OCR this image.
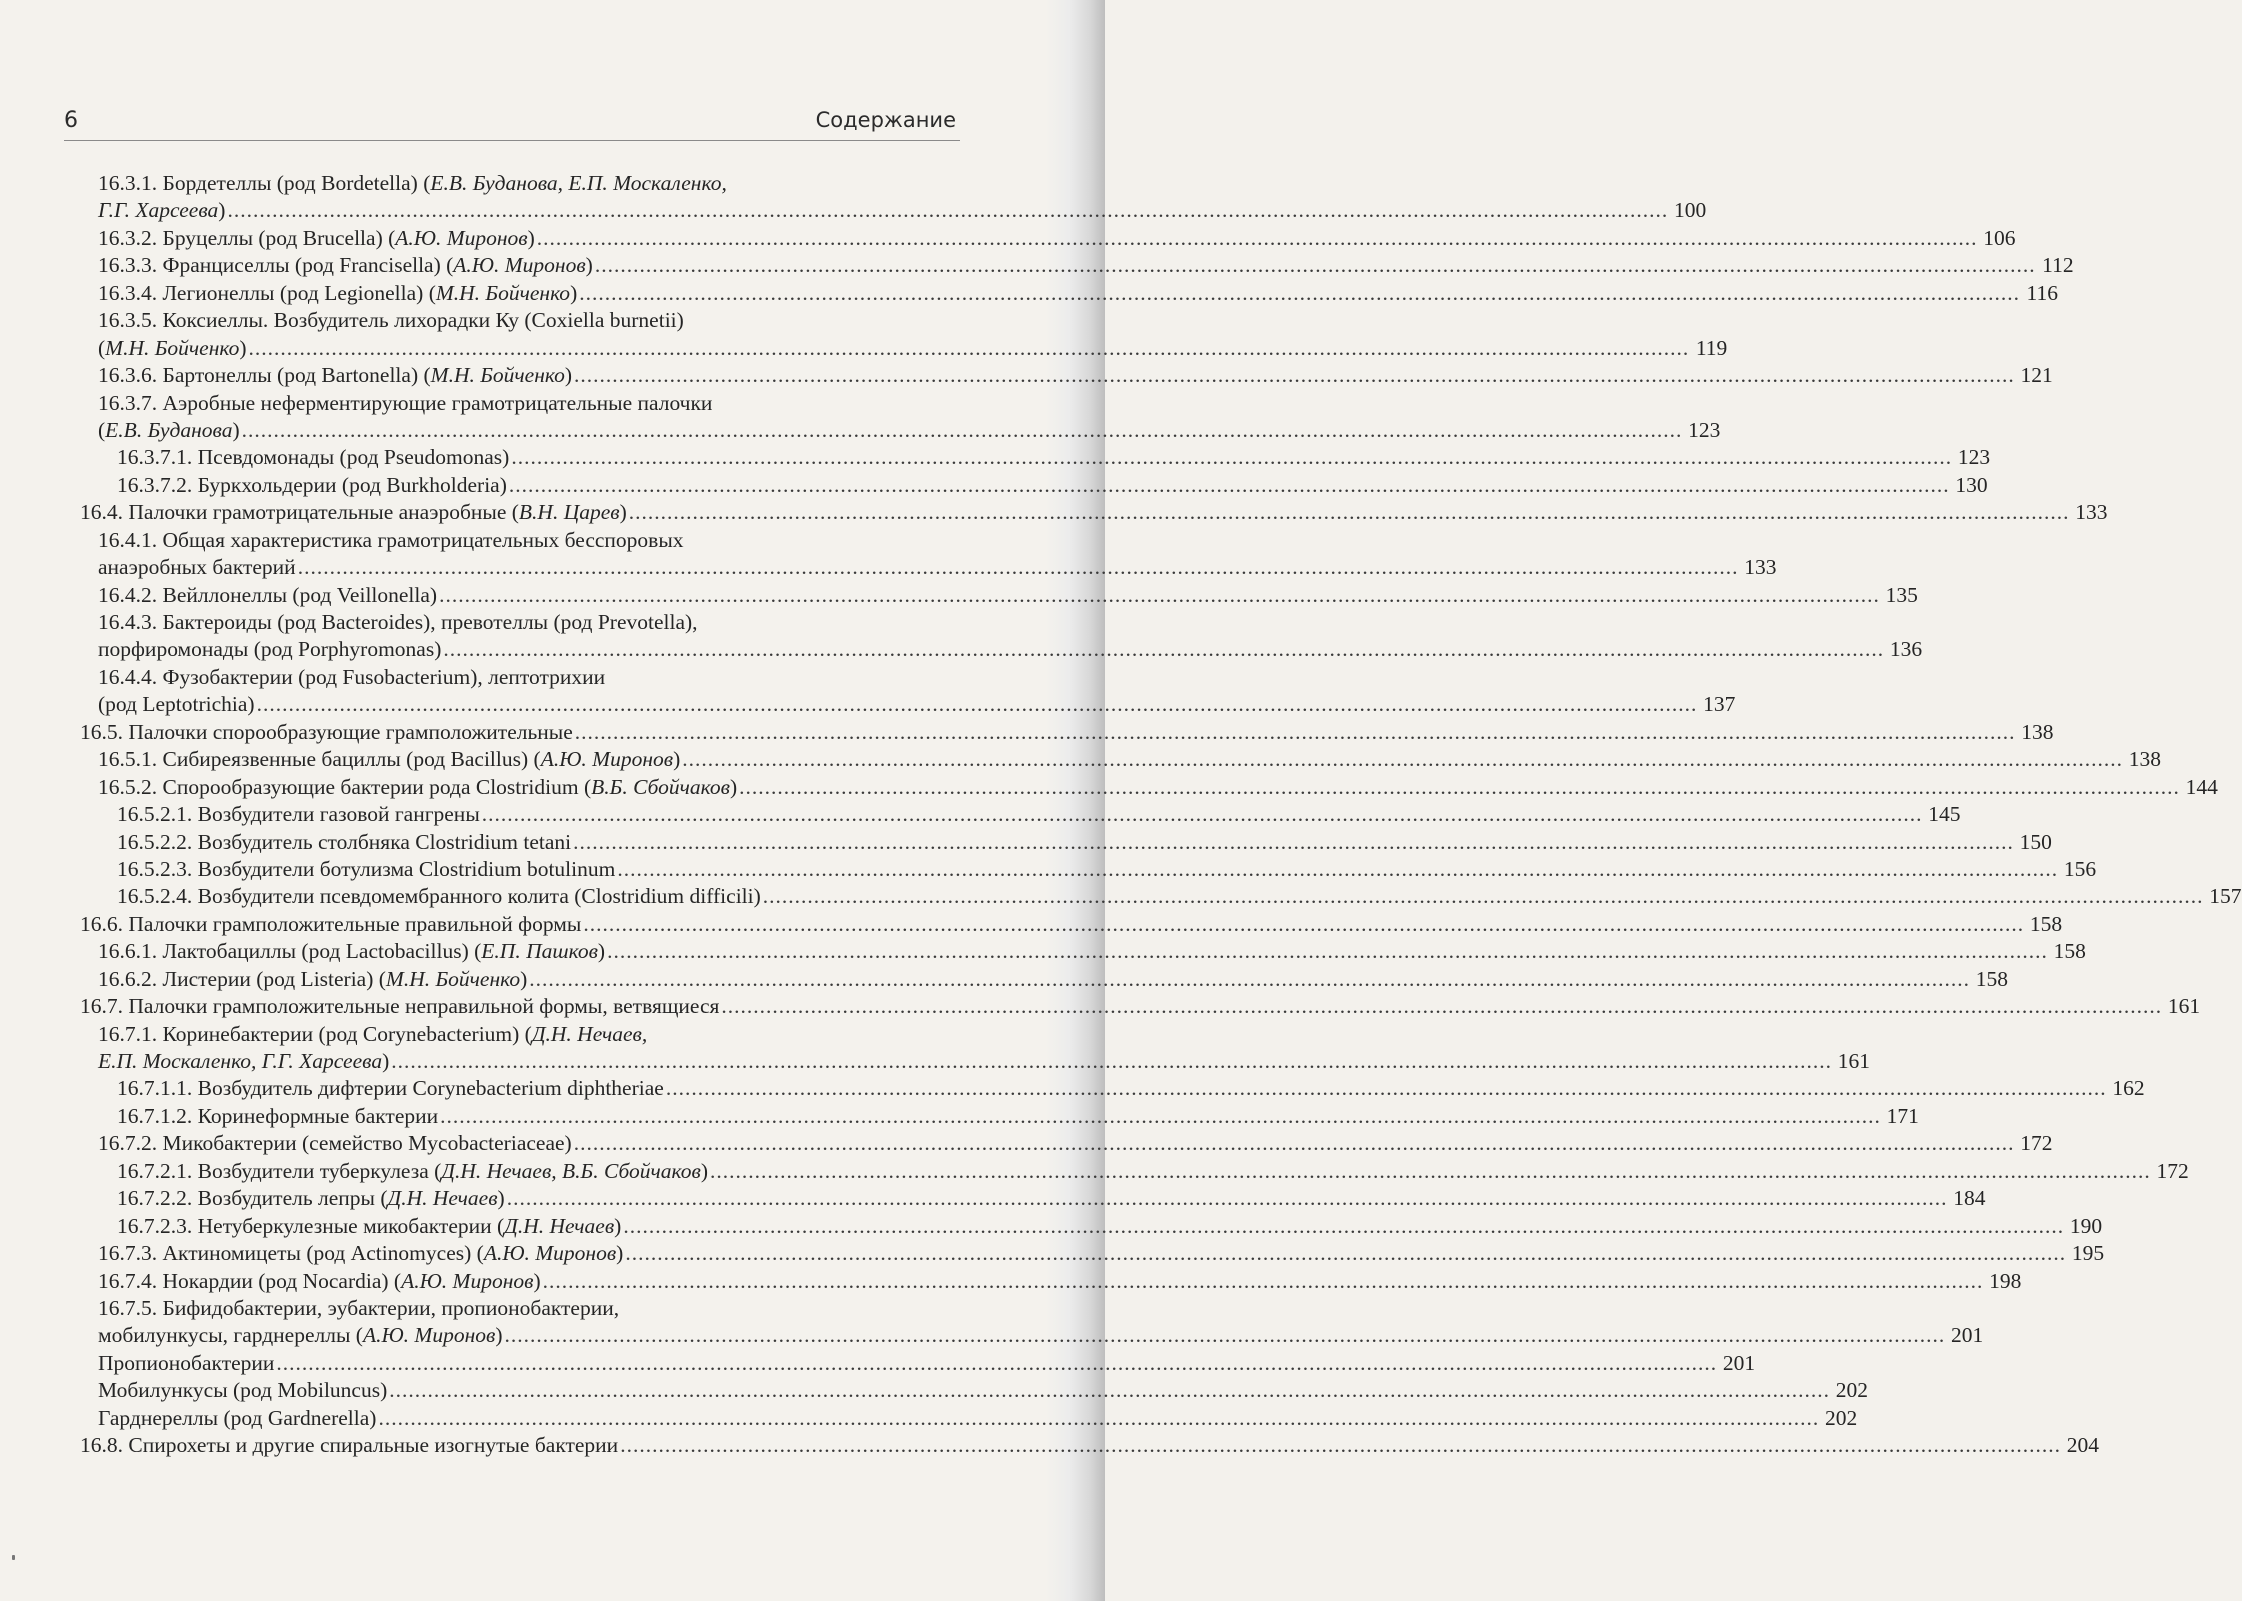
6	Содержание
16.3.1. Бордетеллы (род Bordetella) (Е.В. Буданова, Е.П. Москаленко,
Г.Г. Харсеева) .....	100
16.3.2. Бруцеллы (род Brucella) (А.Ю. Миронов) .....	106
16.3.3. Франциселлы (род Francisella) (А.Ю. Миронов) .....	112
16.3.4. Легионеллы (род Legionella) (М.Н. Бойченко) .....	116
16.3.5. Коксиеллы. Возбудитель лихорадки Ку (Coxiella burnetii)
(М.Н. Бойченко) .....	119
16.3.6. Бартонеллы (род Bartonella) (М.Н. Бойченко) .....	121
16.3.7. Аэробные неферментирующие грамотрицательные палочки
(Е.В. Буданова) .....	123
16.3.7.1. Псевдомонады (род Pseudomonas) .....	123
16.3.7.2. Буркхольдерии (род Burkholderia) .....	130
16.4. Палочки грамотрицательные анаэробные (В.Н. Царев) .....	133
16.4.1. Общая характеристика грамотрицательных бесспоровых
анаэробных бактерий .....	133
16.4.2. Вейллонеллы (род Veillonella) .....	135
16.4.3. Бактероиды (род Bacteroides), превотеллы (род Prevotella),
порфиромонады (род Porphyromonas) .....	136
16.4.4. Фузобактерии (род Fusobacterium), лептотрихии
(род Leptotrichia) .....	137
16.5. Палочки спорообразующие грамположительные .....	138
16.5.1. Сибиреязвенные бациллы (род Bacillus) (А.Ю. Миронов) .....	138
16.5.2. Спорообразующие бактерии рода Clostridium (В.Б. Сбойчаков) .....	144
16.5.2.1. Возбудители газовой гангрены .....	145
16.5.2.2. Возбудитель столбняка Clostridium tetani .....	150
16.5.2.3. Возбудители ботулизма Clostridium botulinum .....	156
16.5.2.4. Возбудители псевдомембранного колита (Clostridium difficili) .....	157
16.6. Палочки грамположительные правильной формы .....	158
16.6.1. Лактобациллы (род Lactobacillus) (Е.П. Пашков) .....	158
16.6.2. Листерии (род Listeria) (М.Н. Бойченко) .....	158
16.7. Палочки грамположительные неправильной формы, ветвящиеся .....	161
16.7.1. Коринебактерии (род Corynebacterium) (Д.Н. Нечаев,
Е.П. Москаленко, Г.Г. Харсеева) .....	161
16.7.1.1. Возбудитель дифтерии Corynebacterium diphtheriae .....	162
16.7.1.2. Коринеформные бактерии .....	171
16.7.2. Микобактерии (семейство Mycobacteriaceae) .....	172
16.7.2.1. Возбудители туберкулеза (Д.Н. Нечаев, В.Б. Сбойчаков) .....	172
16.7.2.2. Возбудитель лепры (Д.Н. Нечаев) .....	184
16.7.2.3. Нетуберкулезные микобактерии (Д.Н. Нечаев) .....	190
16.7.3. Актиномицеты (род Actinomyces) (А.Ю. Миронов) .....	195
16.7.4. Нокардии (род Nocardia) (А.Ю. Миронов) .....	198
16.7.5. Бифидобактерии, эубактерии, пропионобактерии,
мобилункусы, гарднереллы (А.Ю. Миронов) .....	201
Пропионобактерии .....	201
Мобилункусы (род Mobiluncus) .....	202
Гарднереллы (род Gardnerella) .....	202
16.8. Спирохеты и другие спиральные изогнутые бактерии .....	204
